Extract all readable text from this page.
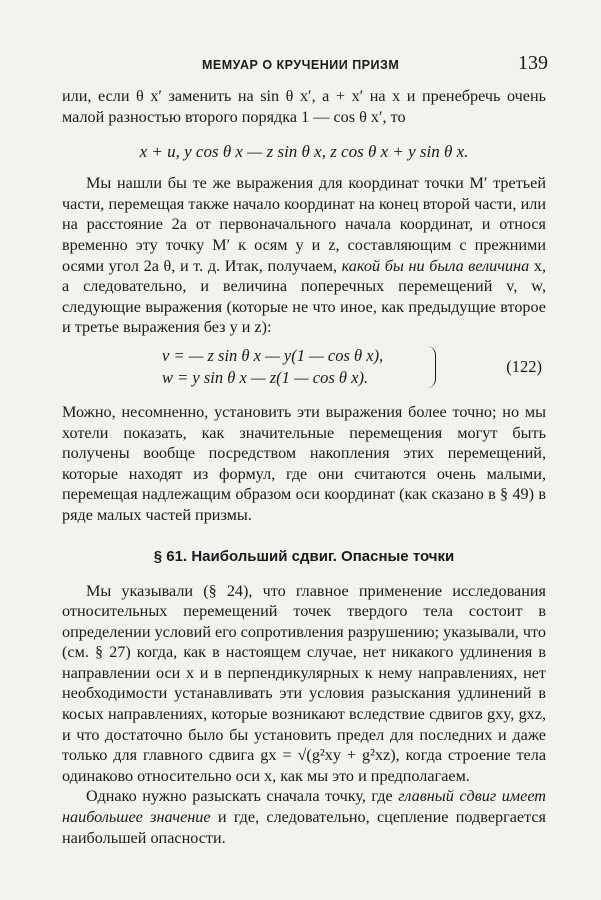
МЕМУАР О КРУЧЕНИИ ПРИЗМ	139

или, если θ x′ заменить на sin θ x′, a + x′ на x и пренебречь очень малой разностью второго порядка 1 — cos θ x′, то

x + u, y cos θ x — z sin θ x, z cos θ x + y sin θ x.

Мы нашли бы те же выражения для координат точки M′ третьей части, перемещая также начало координат на конец второй части, или на расстояние 2a от первоначального начала координат, и относя временно эту точку M′ к осям y и z, составляющим с прежними осями угол 2a θ, и т. д. Итак, получаем, какой бы ни была величина x, а следовательно, и величина поперечных перемещений v, w, следующие выражения (которые не что иное, как предыдущие второе и третье выражения без y и z):

v = — z sin θ x — y(1 — cos θ x),
w = y sin θ x — z(1 — cos θ x).
(122)

Можно, несомненно, установить эти выражения более точно; но мы хотели показать, как значительные перемещения могут быть получены вообще посредством накопления этих перемещений, которые находят из формул, где они считаются очень малыми, перемещая надлежащим образом оси координат (как сказано в § 49) в ряде малых частей призмы.

§ 61. Наибольший сдвиг. Опасные точки

Мы указывали (§ 24), что главное применение исследования относительных перемещений точек твердого тела состоит в определении условий его сопротивления разрушению; указывали, что (см. § 27) когда, как в настоящем случае, нет никакого удлинения в направлении оси x и в перпендикулярных к нему направлениях, нет необходимости устанавливать эти условия разыскания удлинений в косых направлениях, которые возникают вследствие сдвигов gxy, gxz, и что достаточно было бы установить предел для последних и даже только для главного сдвига gx = √(g²xy + g²xz), когда строение тела одинаково относительно оси x, как мы это и предполагаем.

Однако нужно разыскать сначала точку, где главный сдвиг имеет наибольшее значение и где, следовательно, сцепление подвергается наибольшей опасности.
